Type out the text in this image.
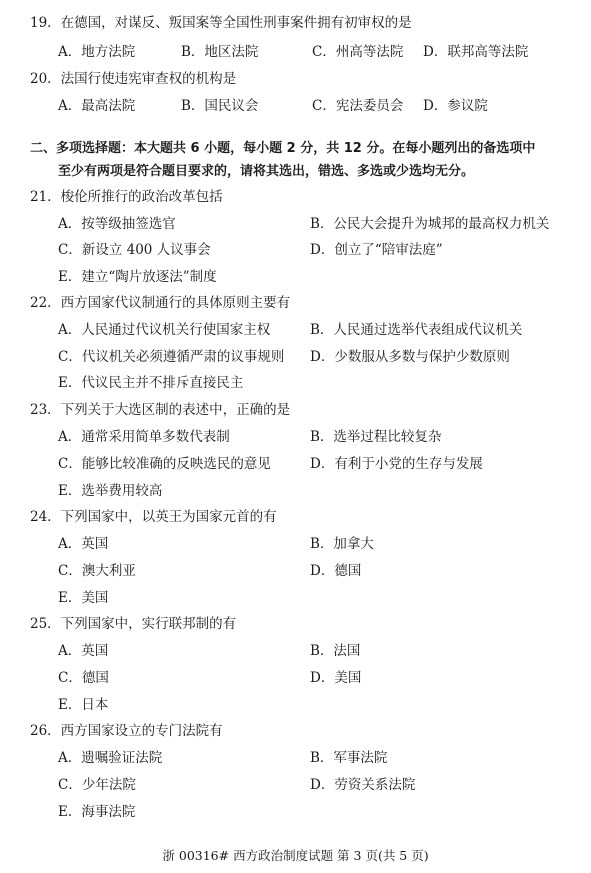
19．在德国，对谋反、叛国案等全国性刑事案件拥有初审权的是
A．地方法院	B．地区法院	C．州高等法院 D．联邦高等法院
20．法国行使违宪审查权的机构是
A．最高法院	B．国民议会	C．宪法委员会 D．参议院
二、多项选择题：本大题共 6 小题，每小题 2 分，共 12 分。在每小题列出的备选项中
至少有两项是符合题目要求的，请将其选出，错选、多选或少选均无分。
21．梭伦所推行的政治改革包括
A．按等级抽签选官	B．公民大会提升为城邦的最高权力机关
C．新设立 400 人议事会	D．创立了“陪审法庭”
E．建立“陶片放逐法”制度
22．西方国家代议制通行的具体原则主要有
A．人民通过代议机关行使国家主权	B．人民通过选举代表组成代议机关
C．代议机关必须遵循严肃的议事规则 D．少数服从多数与保护少数原则
E．代议民主并不排斥直接民主
23．下列关于大选区制的表述中，正确的是
A．通常采用简单多数代表制	B．选举过程比较复杂
C．能够比较准确的反映选民的意见	D．有利于小党的生存与发展
E．选举费用较高
24．下列国家中，以英王为国家元首的有
A．英国	B．加拿大
C．澳大利亚	D．德国
E．美国
25．下列国家中，实行联邦制的有
A．英国	B．法国
C．德国	D．美国
E．日本
26．西方国家设立的专门法院有
A．遗嘱验证法院	B．军事法院
C．少年法院	D．劳资关系法院
E．海事法院
浙 00316# 西方政治制度试题 第 3 页(共 5 页)
